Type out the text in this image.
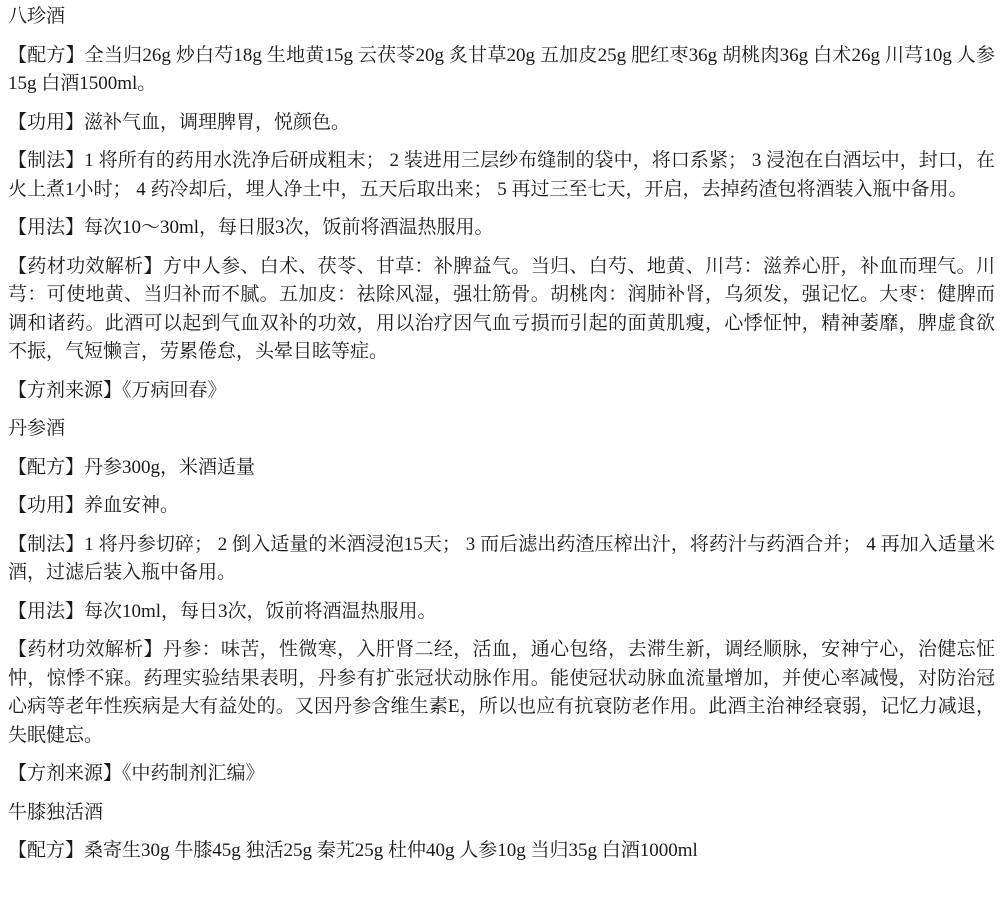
八珍酒

【配方】全当归26g 炒白芍18g 生地黄15g 云茯苓20g 炙甘草20g 五加皮25g 肥红枣36g 胡桃肉36g 白术26g 川芎10g 人参15g 白酒1500ml。

【功用】滋补气血，调理脾胃，悦颜色。

【制法】1 将所有的药用水洗净后研成粗末； 2 装进用三层纱布缝制的袋中，将口系紧； 3 浸泡在白酒坛中，封口，在火上煮1小时； 4 药冷却后，埋人净土中，五天后取出来； 5 再过三至七天，开启，去掉药渣包将酒装入瓶中备用。

【用法】每次10～30ml，每日服3次，饭前将酒温热服用。

【药材功效解析】方中人参、白术、茯苓、甘草：补脾益气。当归、白芍、地黄、川芎：滋养心肝，补血而理气。川芎：可使地黄、当归补而不腻。五加皮：祛除风湿，强壮筋骨。胡桃肉：润肺补肾，乌须发，强记忆。大枣：健脾而调和诸药。此酒可以起到气血双补的功效，用以治疗因气血亏损而引起的面黄肌瘦，心悸怔忡，精神萎靡，脾虚食欲不振，气短懒言，劳累倦怠，头晕目眩等症。

【方剂来源】《万病回春》

丹参酒

【配方】丹参300g，米酒适量

【功用】养血安神。

【制法】1 将丹参切碎； 2 倒入适量的米酒浸泡15天； 3 而后滤出药渣压榨出汁，将药汁与药酒合并； 4 再加入适量米酒，过滤后装入瓶中备用。

【用法】每次10ml，每日3次，饭前将酒温热服用。

【药材功效解析】丹参：味苦，性微寒，入肝肾二经，活血，通心包络，去滞生新，调经顺脉，安神宁心，治健忘怔忡，惊悸不寐。药理实验结果表明，丹参有扩张冠状动脉作用。能使冠状动脉血流量增加，并使心率减慢，对防治冠心病等老年性疾病是大有益处的。又因丹参含维生素E，所以也应有抗衰防老作用。此酒主治神经衰弱，记忆力减退，失眠健忘。

【方剂来源】《中药制剂汇编》

牛膝独活酒

【配方】桑寄生30g 牛膝45g 独活25g 秦艽25g 杜仲40g 人参10g 当归35g 白酒1000ml
